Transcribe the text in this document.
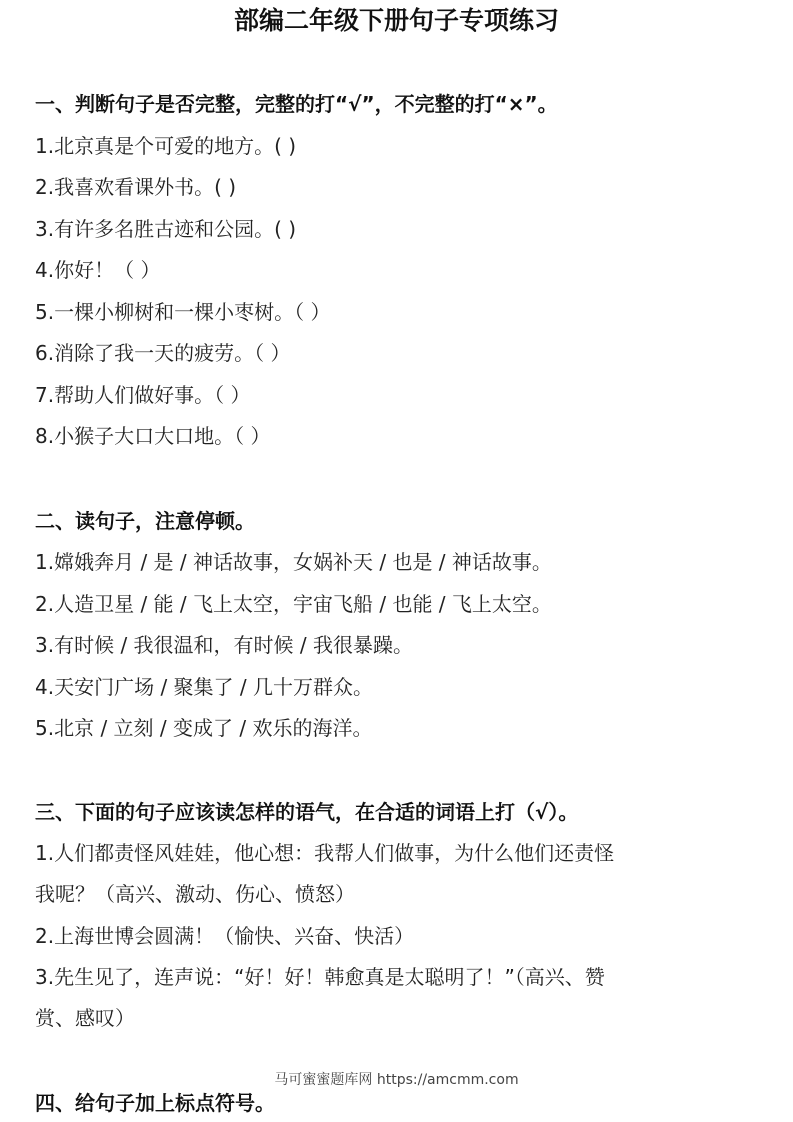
部编二年级下册句子专项练习
一、判断句子是否完整，完整的打“√”，不完整的打“×”。
1.北京真是个可爱的地方。( )
2.我喜欢看课外书。( )
3.有许多名胜古迹和公园。( )
4.你好！（ ）
5.一棵小柳树和一棵小枣树。（ ）
6.消除了我一天的疲劳。（ ）
7.帮助人们做好事。（ ）
8.小猴子大口大口地。（ ）
二、读句子，注意停顿。
1.嫦娥奔月 / 是 / 神话故事，女娲补天 / 也是 / 神话故事。
2.人造卫星 / 能 / 飞上太空，宇宙飞船 / 也能 / 飞上太空。
3.有时候 / 我很温和，有时候 / 我很暴躁。
4.天安门广场 / 聚集了 / 几十万群众。
5.北京 / 立刻 / 变成了 / 欢乐的海洋。
三、下面的句子应该读怎样的语气，在合适的词语上打（√）。
1.人们都责怪风娃娃，他心想：我帮人们做事，为什么他们还责怪
我呢？（高兴、激动、伤心、愤怒）
2.上海世博会圆满！（愉快、兴奋、快活）
3.先生见了，连声说：“好！好！韩愈真是太聪明了！”（高兴、赞
赏、感叹）
马可蜜蜜题库网 https://amcmm.com
四、给句子加上标点符号。
